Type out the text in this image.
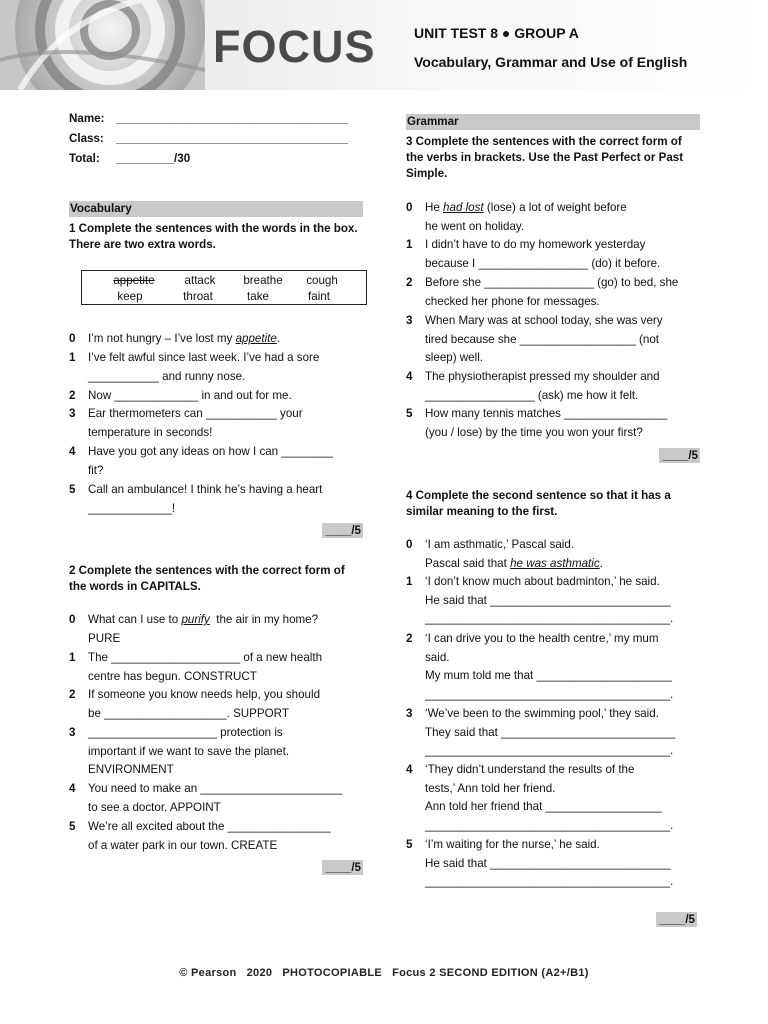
FOCUS	UNIT TEST 8 ● GROUP A
Vocabulary, Grammar and Use of English
Name: ____________________________________
Class: ____________________________________
Total: _________/30
Vocabulary
1 Complete the sentences with the words in the box. There are two extra words.
appetite	attack	breathe	cough
keep	throat	take	faint
0 I’m not hungry – I’ve lost my appetite.
1 I’ve felt awful since last week. I’ve had a sore
___________ and runny nose.
2 Now _____________ in and out for me.
3 Ear thermometers can ___________ your
temperature in seconds!
4 Have you got any ideas on how I can ________
fit?
5 Call an ambulance! I think he’s having a heart
_____________!
____/5
2 Complete the sentences with the correct form of the words in CAPITALS.
0 What can I use to purify  the air in my home?
PURE
1 The ____________________ of a new health
centre has begun. CONSTRUCT
2 If someone you know needs help, you should
be ___________________. SUPPORT
3 ____________________ protection is
important if we want to save the planet.
ENVIRONMENT
4 You need to make an ______________________
to see a doctor. APPOINT
5 We’re all excited about the ________________
of a water park in our town. CREATE
____/5
Grammar
3 Complete the sentences with the correct form of the verbs in brackets. Use the Past Perfect or Past Simple.
0 He had lost (lose) a lot of weight before
he went on holiday.
1 I didn’t have to do my homework yesterday
because I _________________ (do) it before.
2 Before she _________________ (go) to bed, she
checked her phone for messages.
3 When Mary was at school today, she was very
tired because she __________________ (not
sleep) well.
4 The physiotherapist pressed my shoulder and
_________________ (ask) me how it felt.
5 How many tennis matches ________________
(you / lose) by the time you won your first?
____/5
4 Complete the second sentence so that it has a similar meaning to the first.
0 ‘I am asthmatic,’ Pascal said.
Pascal said that he was asthmatic.
1 ‘I don’t know much about badminton,’ he said.
He said that ____________________________
______________________________________.
2 ‘I can drive you to the health centre,’ my mum
said.
My mum told me that _____________________
______________________________________.
3 ‘We’ve been to the swimming pool,’ they said.
They said that ___________________________
______________________________________.
4 ‘They didn’t understand the results of the
tests,’ Ann told her friend.
Ann told her friend that __________________
______________________________________.
5 ‘I’m waiting for the nurse,’ he said.
He said that ____________________________
______________________________________.
____/5
© Pearson   2020   PHOTOCOPIABLE   Focus 2 SECOND EDITION (A2+/B1)
